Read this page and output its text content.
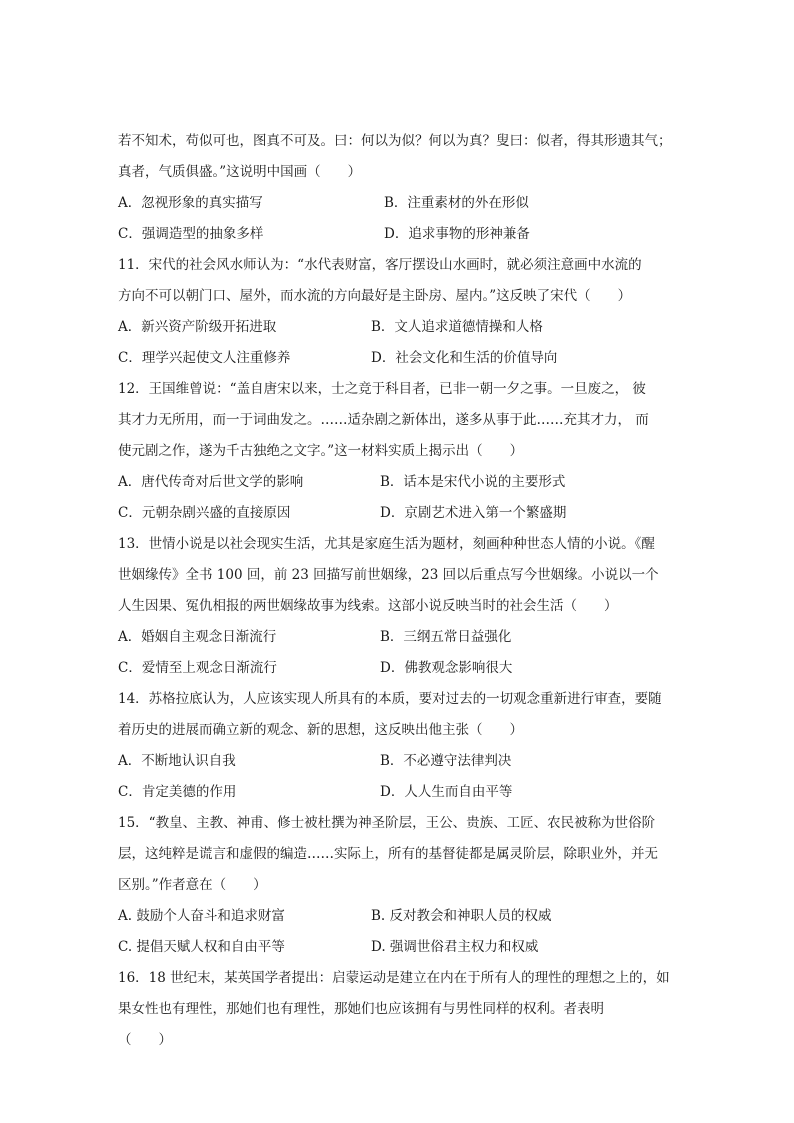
若不知术，苟似可也，图真不可及。曰：何以为似？何以为真？叟曰：似者，得其形遗其气；
真者，气质俱盛。”这说明中国画（　　）
A．忽视形象的真实描写	B．注重素材的外在形似
C．强调造型的抽象多样	D．追求事物的形神兼备
11．宋代的社会风水师认为：“水代表财富，客厅摆设山水画时，就必须注意画中水流的
方向不可以朝门口、屋外，而水流的方向最好是主卧房、屋内。”这反映了宋代（　　）
A．新兴资产阶级开拓进取	B．文人追求道德情操和人格
C．理学兴起使文人注重修养	D．社会文化和生活的价值导向
12．王国维曾说：“盖自唐宋以来，士之竞于科目者，已非一朝一夕之事。一旦废之， 彼
其才力无所用，而一于词曲发之。……适杂剧之新体出，遂多从事于此……充其才力， 而
使元剧之作，遂为千古独绝之文字。”这一材料实质上揭示出（　　）
A．唐代传奇对后世文学的影响	B．话本是宋代小说的主要形式
C．元朝杂剧兴盛的直接原因	D．京剧艺术进入第一个繁盛期
13．世情小说是以社会现实生活，尤其是家庭生活为题材，刻画种种世态人情的小说。《醒
世姻缘传》全书 100 回，前 23 回描写前世姻缘，23 回以后重点写今世姻缘。小说以一个
人生因果、冤仇相报的两世姻缘故事为线索。这部小说反映当时的社会生活（　　）
A．婚姻自主观念日渐流行	B．三纲五常日益强化
C．爱情至上观念日渐流行	D．佛教观念影响很大
14．苏格拉底认为，人应该实现人所具有的本质，要对过去的一切观念重新进行审查，要随
着历史的进展而确立新的观念、新的思想，这反映出他主张（　　）
A．不断地认识自我	B．不必遵守法律判决
C．肯定美德的作用	D．人人生而自由平等
15．“教皇、主教、神甫、修士被杜撰为神圣阶层，王公、贵族、工匠、农民被称为世俗阶
层，这纯粹是谎言和虚假的编造……实际上，所有的基督徒都是属灵阶层，除职业外，并无
区别。”作者意在（　　）
A. 鼓励个人奋斗和追求财富	B. 反对教会和神职人员的权威
C. 提倡天赋人权和自由平等	D. 强调世俗君主权力和权威
16．18 世纪末，某英国学者提出：启蒙运动是建立在内在于所有人的理性的理想之上的，如
果女性也有理性，那她们也有理性，那她们也应该拥有与男性同样的权利。者表明
（　　）
